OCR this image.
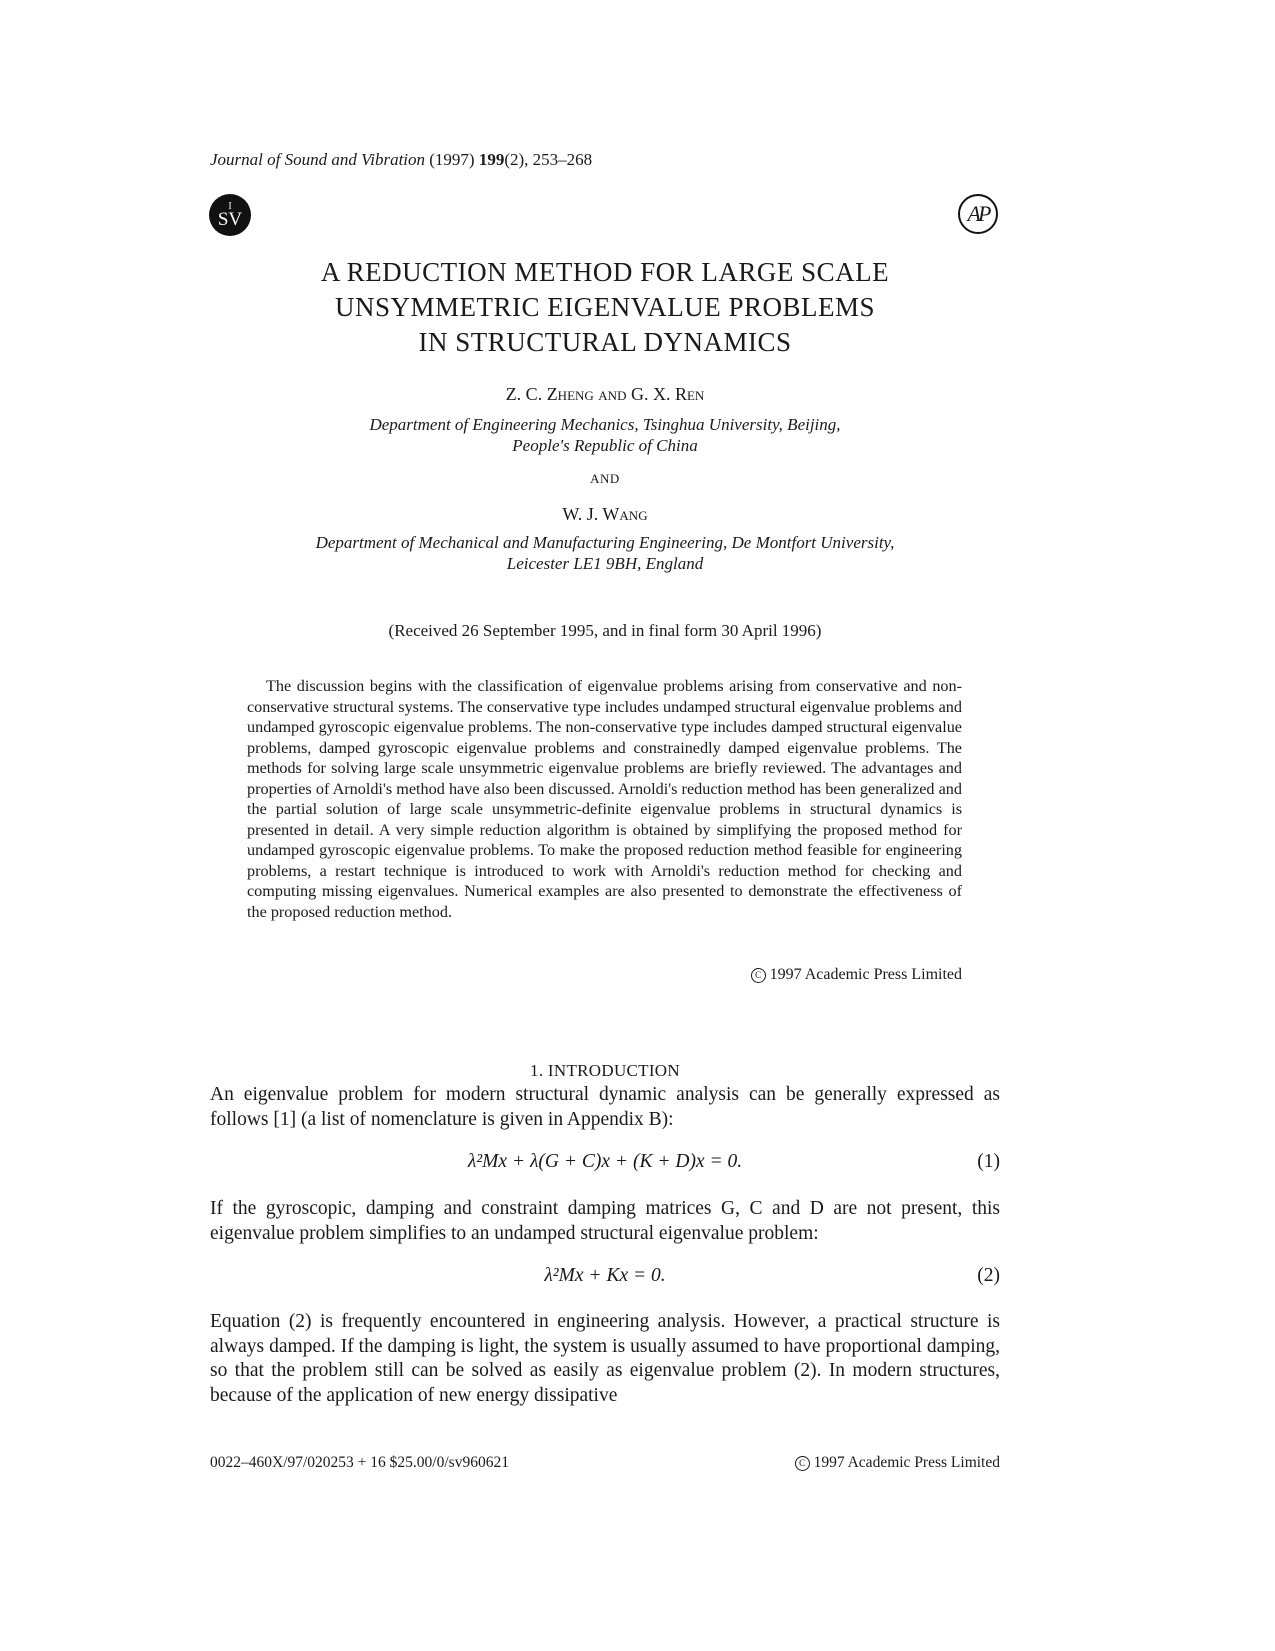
Journal of Sound and Vibration (1997) 199(2), 253–268
I
SV	AP
A REDUCTION METHOD FOR LARGE SCALE
UNSYMMETRIC EIGENVALUE PROBLEMS
IN STRUCTURAL DYNAMICS
Z. C. Zheng and G. X. Ren
Department of Engineering Mechanics, Tsinghua University, Beijing,
People's Republic of China
AND
W. J. Wang
Department of Mechanical and Manufacturing Engineering, De Montfort University,
Leicester LE1 9BH, England
(Received 26 September 1995, and in final form 30 April 1996)
The discussion begins with the classification of eigenvalue problems arising from conservative and non-conservative structural systems. The conservative type includes undamped structural eigenvalue problems and undamped gyroscopic eigenvalue problems. The non-conservative type includes damped structural eigenvalue problems, damped gyroscopic eigenvalue problems and constrainedly damped eigenvalue problems. The methods for solving large scale unsymmetric eigenvalue problems are briefly reviewed. The advantages and properties of Arnoldi's method have also been discussed. Arnoldi's reduction method has been generalized and the partial solution of large scale unsymmetric-definite eigenvalue problems in structural dynamics is presented in detail. A very simple reduction algorithm is obtained by simplifying the proposed method for undamped gyroscopic eigenvalue problems. To make the proposed reduction method feasible for engineering problems, a restart technique is introduced to work with Arnoldi's reduction method for checking and computing missing eigenvalues. Numerical examples are also presented to demonstrate the effectiveness of the proposed reduction method.
C 1997 Academic Press Limited
1. INTRODUCTION
An eigenvalue problem for modern structural dynamic analysis can be generally expressed as follows [1] (a list of nomenclature is given in Appendix B):
λ²Mx + λ(G + C)x + (K + D)x = 0.	(1)
If the gyroscopic, damping and constraint damping matrices G, C and D are not present, this eigenvalue problem simplifies to an undamped structural eigenvalue problem:
λ²Mx + Kx = 0.	(2)
Equation (2) is frequently encountered in engineering analysis. However, a practical structure is always damped. If the damping is light, the system is usually assumed to have proportional damping, so that the problem still can be solved as easily as eigenvalue problem (2). In modern structures, because of the application of new energy dissipative
0022–460X/97/020253 + 16 $25.00/0/sv960621	C 1997 Academic Press Limited
